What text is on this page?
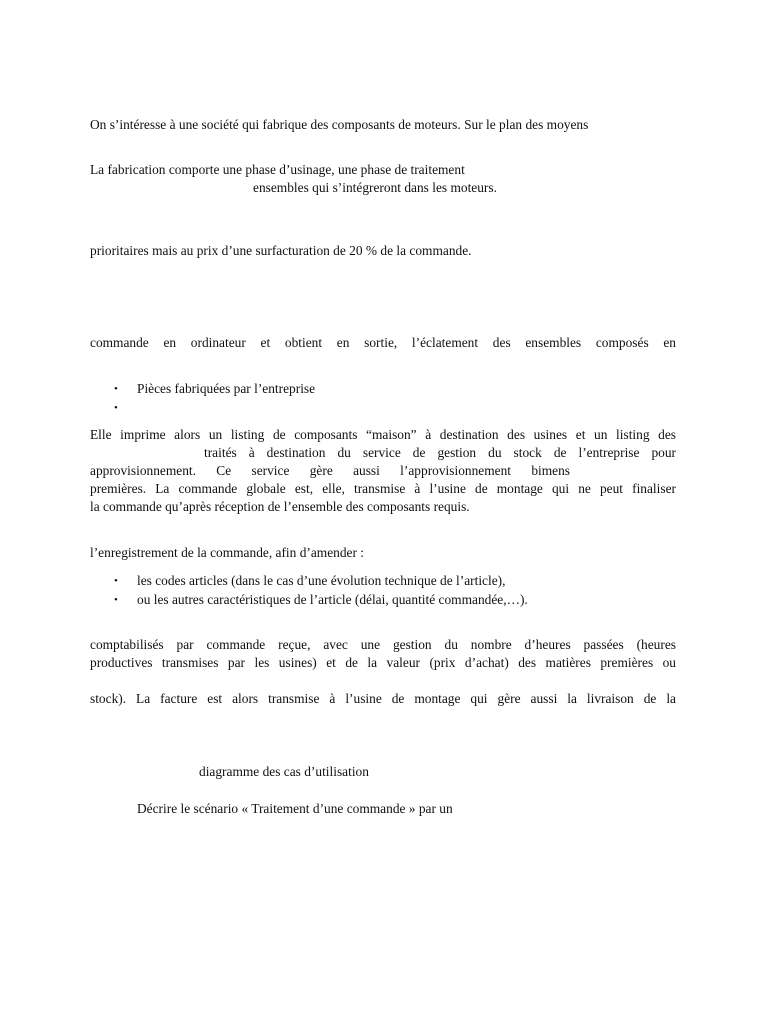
On s’intéresse à une société qui fabrique des composants de moteurs. Sur le plan des moyens
La fabrication comporte une phase d’usinage, une phase de traitement
ensembles qui s’intégreront dans les moteurs.
prioritaires mais au prix d’une surfacturation de 20 % de la commande.
commande en ordinateur et obtient en sortie, l’éclatement des ensembles composés en
•	Pièces fabriquées par l’entreprise
•
Elle imprime alors un listing de composants “maison” à destination des usines et un listing des
traités à destination du service de gestion du stock de l’entreprise pour
approvisionnement. Ce service gère aussi l’approvisionnement bimens
premières. La commande globale est, elle, transmise à l’usine de montage qui ne peut finaliser
la commande qu’après réception de l’ensemble des composants requis.
l’enregistrement de la commande, afin d’amender :
•	les codes articles (dans le cas d’une évolution technique de l’article),
•	ou les autres caractéristiques de l’article (délai, quantité commandée,…).
comptabilisés par commande reçue, avec une gestion du nombre d’heures passées (heures
productives transmises par les usines) et de la valeur (prix d’achat) des matières premières ou
stock). La facture est alors transmise à l’usine de montage qui gère aussi la livraison de la
diagramme des cas d’utilisation
Décrire le scénario « Traitement d’une commande » par un
